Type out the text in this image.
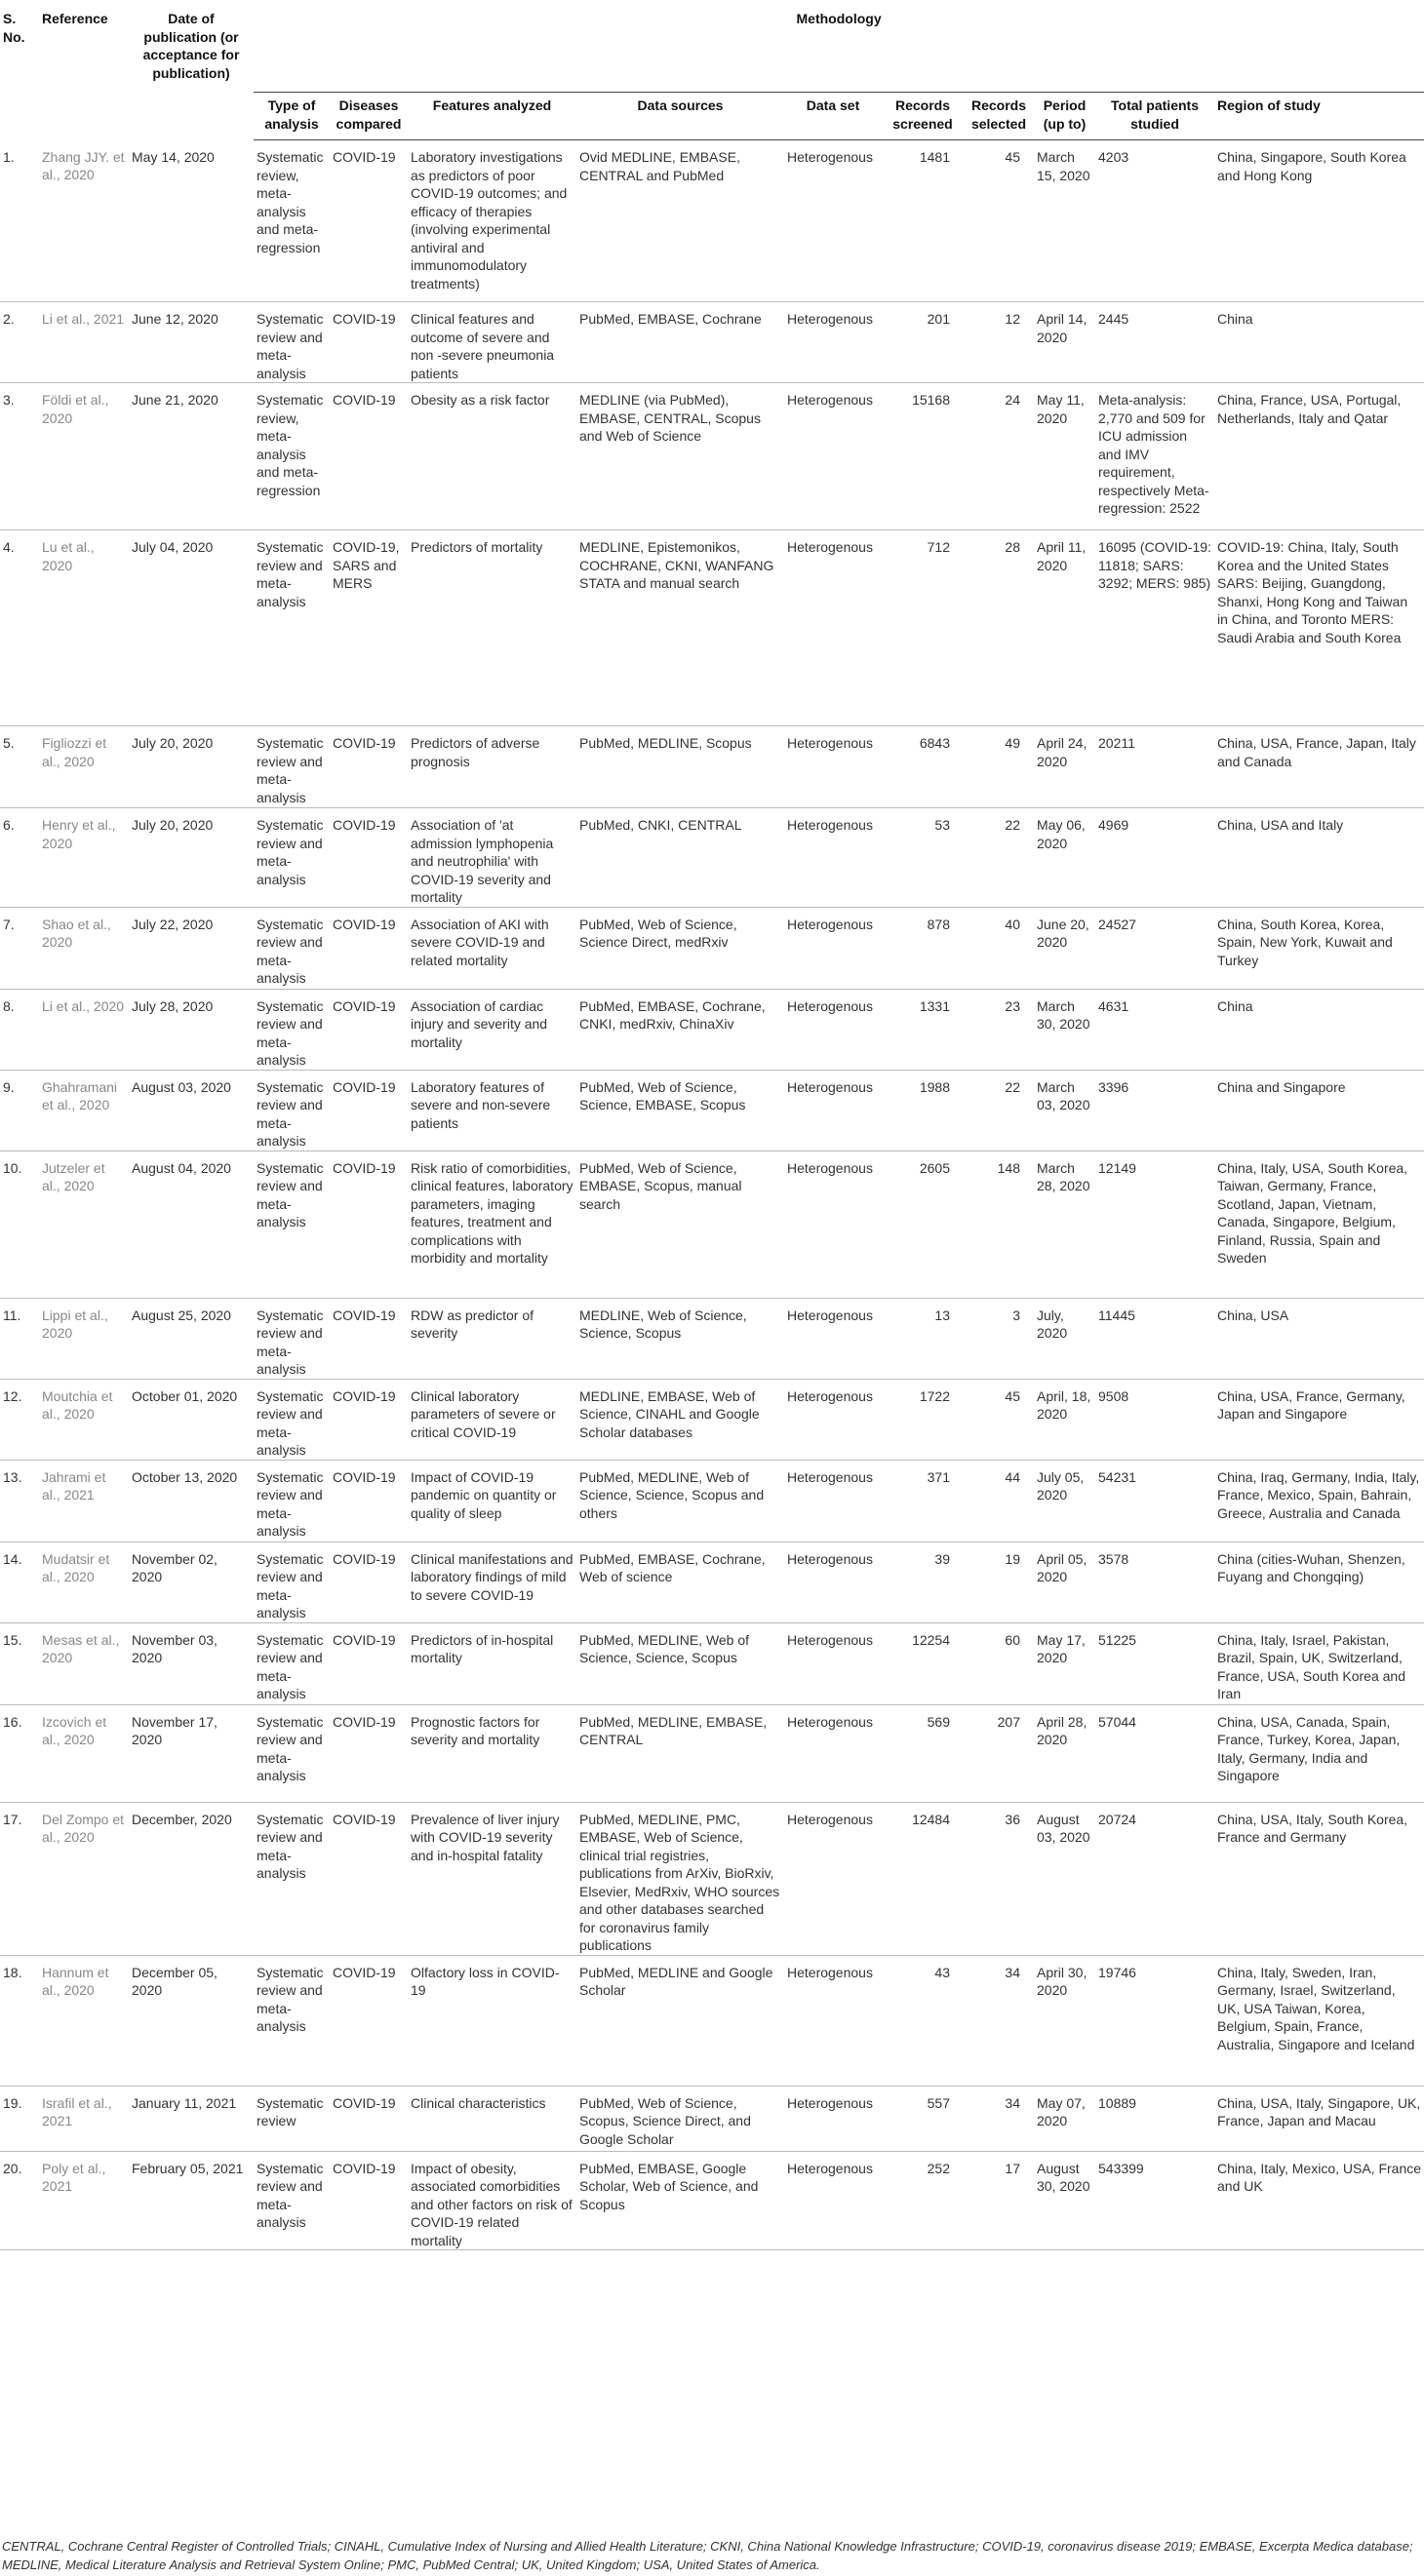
S. No.	Reference	Date of publication (or acceptance for publication)	Methodology									
			Type of analysis	Diseases compared	Features analyzed	Data sources	Data set	Records screened	Records selected	Period (up to)	Total patients studied	Region of study
1.	Zhang JJY. et al., 2020	May 14, 2020	Systematic review, meta-analysis and meta-regression	COVID-19	Laboratory investigations as predictors of poor COVID-19 outcomes; and efficacy of therapies (involving experimental antiviral and immunomodulatory treatments)	Ovid MEDLINE, EMBASE, CENTRAL and PubMed	Heterogenous	1481	45	March 15, 2020	4203	China, Singapore, South Korea and Hong Kong
2.	Li et al., 2021	June 12, 2020	Systematic review and meta-analysis	COVID-19	Clinical features and outcome of severe and non -severe pneumonia patients	PubMed, EMBASE, Cochrane	Heterogenous	201	12	April 14, 2020	2445	China
3.	Földi et al., 2020	June 21, 2020	Systematic review, meta-analysis and meta-regression	COVID-19	Obesity as a risk factor	MEDLINE (via PubMed), EMBASE, CENTRAL, Scopus and Web of Science	Heterogenous	15168	24	May 11, 2020	Meta-analysis: 2,770 and 509 for ICU admission and IMV requirement, respectively Meta-regression: 2522	China, France, USA, Portugal, Netherlands, Italy and Qatar
4.	Lu et al., 2020	July 04, 2020	Systematic review and meta-analysis	COVID-19, SARS and MERS	Predictors of mortality	MEDLINE, Epistemonikos, COCHRANE, CKNI, WANFANG STATA and manual search	Heterogenous	712	28	April 11, 2020	16095 (COVID-19: 11818; SARS: 3292; MERS: 985)	COVID-19: China, Italy, South Korea and the United States SARS: Beijing, Guangdong, Shanxi, Hong Kong and Taiwan in China, and Toronto MERS: Saudi Arabia and South Korea
5.	Figliozzi et al., 2020	July 20, 2020	Systematic review and meta-analysis	COVID-19	Predictors of adverse prognosis	PubMed, MEDLINE, Scopus	Heterogenous	6843	49	April 24, 2020	20211	China, USA, France, Japan, Italy and Canada
6.	Henry et al., 2020	July 20, 2020	Systematic review and meta-analysis	COVID-19	Association of 'at admission lymphopenia and neutrophilia' with COVID-19 severity and mortality	PubMed, CNKI, CENTRAL	Heterogenous	53	22	May 06, 2020	4969	China, USA and Italy
7.	Shao et al., 2020	July 22, 2020	Systematic review and meta-analysis	COVID-19	Association of AKI with severe COVID-19 and related mortality	PubMed, Web of Science, Science Direct, medRxiv	Heterogenous	878	40	June 20, 2020	24527	China, South Korea, Korea, Spain, New York, Kuwait and Turkey
8.	Li et al., 2020	July 28, 2020	Systematic review and meta-analysis	COVID-19	Association of cardiac injury and severity and mortality	PubMed, EMBASE, Cochrane, CNKI, medRxiv, ChinaXiv	Heterogenous	1331	23	March 30, 2020	4631	China
9.	Ghahramani et al., 2020	August 03, 2020	Systematic review and meta-analysis	COVID-19	Laboratory features of severe and non-severe patients	PubMed, Web of Science, Science, EMBASE, Scopus	Heterogenous	1988	22	March 03, 2020	3396	China and Singapore
10.	Jutzeler et al., 2020	August 04, 2020	Systematic review and meta-analysis	COVID-19	Risk ratio of comorbidities, clinical features, laboratory parameters, imaging features, treatment and complications with morbidity and mortality	PubMed, Web of Science, EMBASE, Scopus, manual search	Heterogenous	2605	148	March 28, 2020	12149	China, Italy, USA, South Korea, Taiwan, Germany, France, Scotland, Japan, Vietnam, Canada, Singapore, Belgium, Finland, Russia, Spain and Sweden
11.	Lippi et al., 2020	August 25, 2020	Systematic review and meta-analysis	COVID-19	RDW as predictor of severity	MEDLINE, Web of Science, Science, Scopus	Heterogenous	13	3	July, 2020	11445	China, USA
12.	Moutchia et al., 2020	October 01, 2020	Systematic review and meta-analysis	COVID-19	Clinical laboratory parameters of severe or critical COVID-19	MEDLINE, EMBASE, Web of Science, CINAHL and Google Scholar databases	Heterogenous	1722	45	April, 18, 2020	9508	China, USA, France, Germany, Japan and Singapore
13.	Jahrami et al., 2021	October 13, 2020	Systematic review and meta-analysis	COVID-19	Impact of COVID-19 pandemic on quantity or quality of sleep	PubMed, MEDLINE, Web of Science, Science, Scopus and others	Heterogenous	371	44	July 05, 2020	54231	China, Iraq, Germany, India, Italy, France, Mexico, Spain, Bahrain, Greece, Australia and Canada
14.	Mudatsir et al., 2020	November 02, 2020	Systematic review and meta-analysis	COVID-19	Clinical manifestations and laboratory findings of mild to severe COVID-19	PubMed, EMBASE, Cochrane, Web of science	Heterogenous	39	19	April 05, 2020	3578	China (cities-Wuhan, Shenzen, Fuyang and Chongqing)
15.	Mesas et al., 2020	November 03, 2020	Systematic review and meta-analysis	COVID-19	Predictors of in-hospital mortality	PubMed, MEDLINE, Web of Science, Science, Scopus	Heterogenous	12254	60	May 17, 2020	51225	China, Italy, Israel, Pakistan, Brazil, Spain, UK, Switzerland, France, USA, South Korea and Iran
16.	Izcovich et al., 2020	November 17, 2020	Systematic review and meta-analysis	COVID-19	Prognostic factors for severity and mortality	PubMed, MEDLINE, EMBASE, CENTRAL	Heterogenous	569	207	April 28, 2020	57044	China, USA, Canada, Spain, France, Turkey, Korea, Japan, Italy, Germany, India and Singapore
17.	Del Zompo et al., 2020	December, 2020	Systematic review and meta-analysis	COVID-19	Prevalence of liver injury with COVID-19 severity and in-hospital fatality	PubMed, MEDLINE, PMC, EMBASE, Web of Science, clinical trial registries, publications from ArXiv, BioRxiv, Elsevier, MedRxiv, WHO sources and other databases searched for coronavirus family publications	Heterogenous	12484	36	August 03, 2020	20724	China, USA, Italy, South Korea, France and Germany
18.	Hannum et al., 2020	December 05, 2020	Systematic review and meta-analysis	COVID-19	Olfactory loss in COVID-19	PubMed, MEDLINE and Google Scholar	Heterogenous	43	34	April 30, 2020	19746	China, Italy, Sweden, Iran, Germany, Israel, Switzerland, UK, USA Taiwan, Korea, Belgium, Spain, France, Australia, Singapore and Iceland
19.	Israfil et al., 2021	January 11, 2021	Systematic review	COVID-19	Clinical characteristics	PubMed, Web of Science, Scopus, Science Direct, and Google Scholar	Heterogenous	557	34	May 07, 2020	10889	China, USA, Italy, Singapore, UK, France, Japan and Macau
20.	Poly et al., 2021	February 05, 2021	Systematic review and meta-analysis	COVID-19	Impact of obesity, associated comorbidities and other factors on risk of COVID-19 related mortality	PubMed, EMBASE, Google Scholar, Web of Science, and Scopus	Heterogenous	252	17	August 30, 2020	543399	China, Italy, Mexico, USA, France and UK
CENTRAL, Cochrane Central Register of Controlled Trials; CINAHL, Cumulative Index of Nursing and Allied Health Literature; CKNI, China National Knowledge Infrastructure; COVID-19, coronavirus disease 2019; EMBASE, Excerpta Medica database; MEDLINE, Medical Literature Analysis and Retrieval System Online; PMC, PubMed Central; UK, United Kingdom; USA, United States of America.
